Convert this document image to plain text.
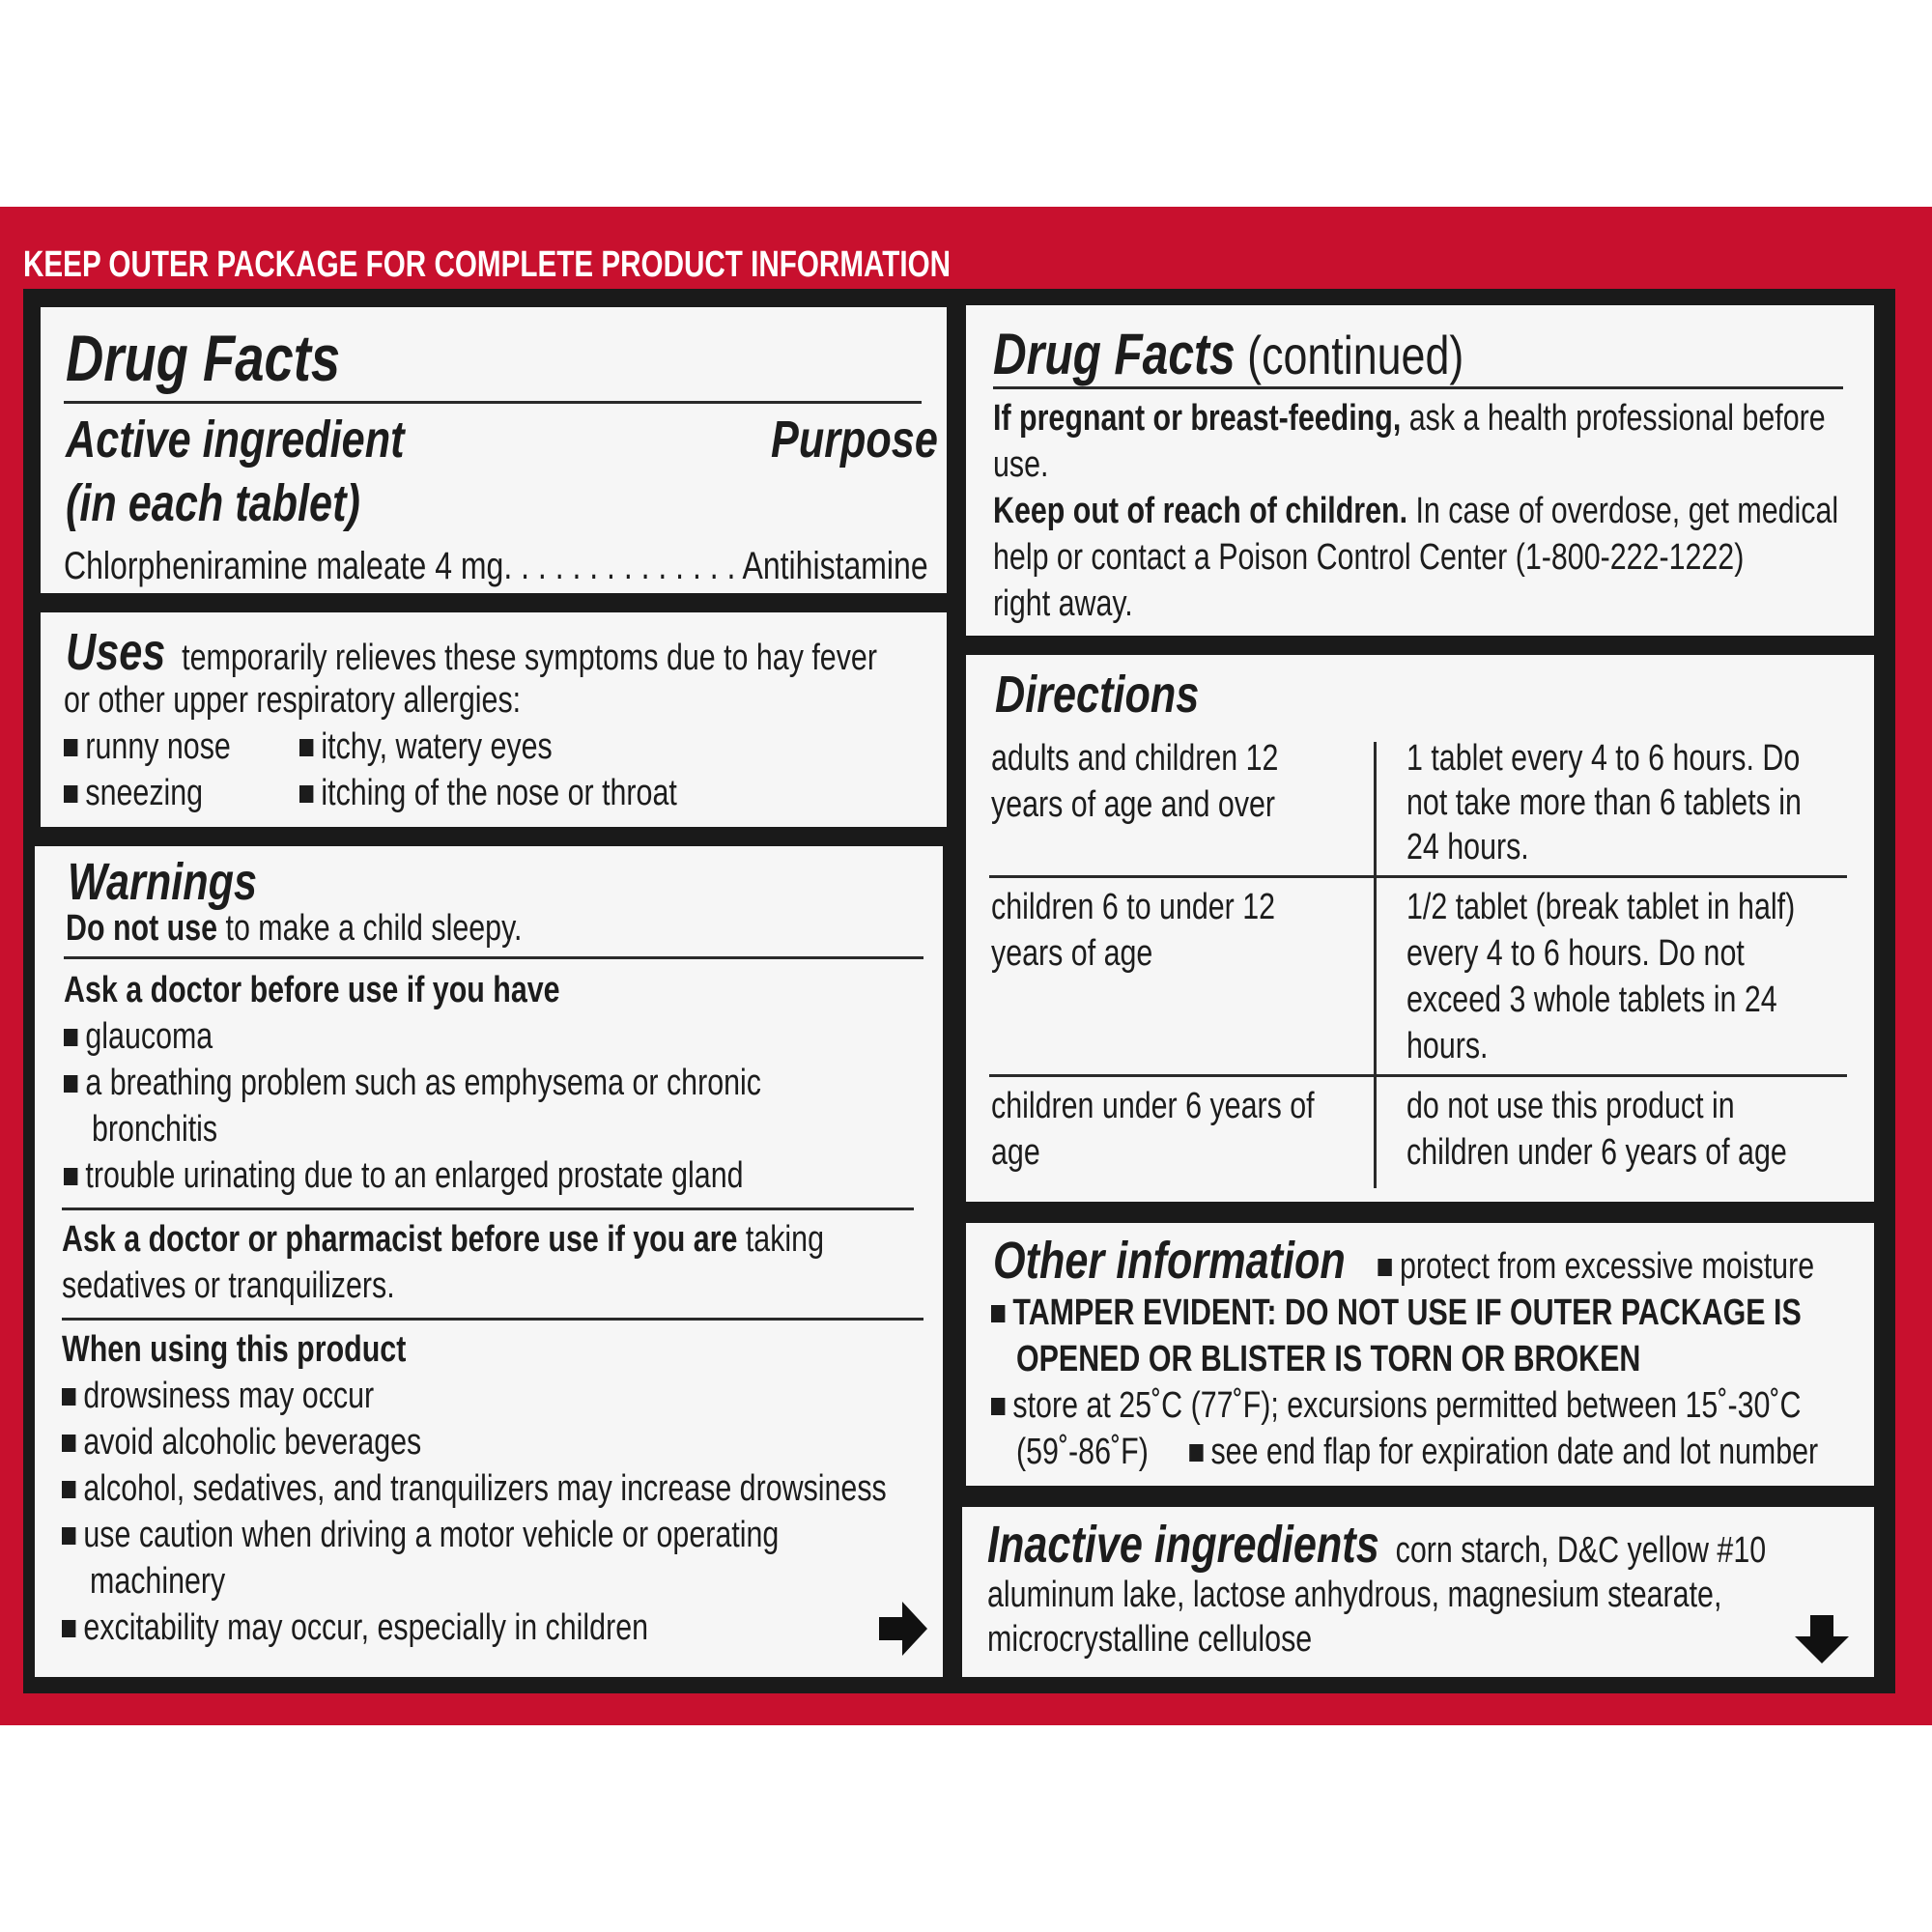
KEEP OUTER PACKAGE FOR COMPLETE PRODUCT INFORMATION
Drug Facts
Active ingredient
(in each tablet)
Purpose
Chlorpheniramine maleate 4 mg. . . . . . . . . . . . . . Antihistamine
Uses temporarily relieves these symptoms due to hay fever
or other upper respiratory allergies:
runny nose	itchy, watery eyes
sneezing	itching of the nose or throat
Warnings
Do not use to make a child sleepy.
Ask a doctor before use if you have
glaucoma
a breathing problem such as emphysema or chronic
bronchitis
trouble urinating due to an enlarged prostate gland
Ask a doctor or pharmacist before use if you are taking
sedatives or tranquilizers.
When using this product
drowsiness may occur
avoid alcoholic beverages
alcohol, sedatives, and tranquilizers may increase drowsiness
use caution when driving a motor vehicle or operating
machinery
excitability may occur, especially in children
Drug Facts (continued)
If pregnant or breast-feeding, ask a health professional before
use.
Keep out of reach of children. In case of overdose, get medical
help or contact a Poison Control Center (1-800-222-1222)
right away.
Directions
adults and children 12
years of age and over
1 tablet every 4 to 6 hours. Do
not take more than 6 tablets in
24 hours.
children 6 to under 12
years of age
1/2 tablet (break tablet in half)
every 4 to 6 hours. Do not
exceed 3 whole tablets in 24
hours.
children under 6 years of
age
do not use this product in
children under 6 years of age
Other information protect from excessive moisture
TAMPER EVIDENT: DO NOT USE IF OUTER PACKAGE IS
OPENED OR BLISTER IS TORN OR BROKEN
store at 25˚C (77˚F); excursions permitted between 15˚-30˚C
(59˚-86˚F) see end flap for expiration date and lot number
Inactive ingredients corn starch, D&C yellow #10
aluminum lake, lactose anhydrous, magnesium stearate,
microcrystalline cellulose
